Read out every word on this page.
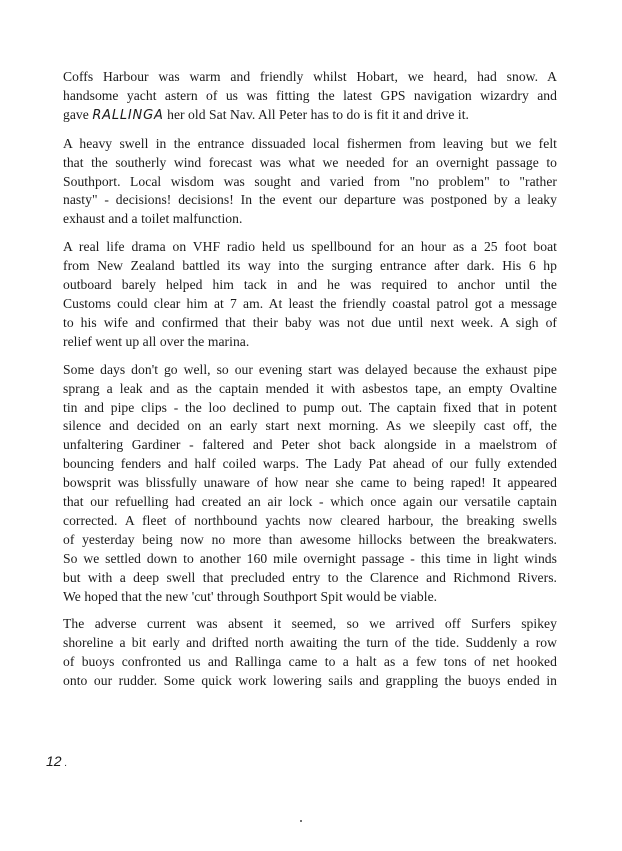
Coffs Harbour was warm and friendly whilst Hobart, we heard, had snow. A
handsome yacht astern of us was fitting the latest GPS navigation wizardry and
gave RALLINGA her old Sat Nav. All Peter has to do is fit it and drive it.

A heavy swell in the entrance dissuaded local fishermen from leaving but we felt
that the southerly wind forecast was what we needed for an overnight passage to
Southport. Local wisdom was sought and varied from "no problem" to "rather
nasty" - decisions! decisions! In the event our departure was postponed by a leaky
exhaust and a toilet malfunction.

A real life drama on VHF radio held us spellbound for an hour as a 25 foot boat
from New Zealand battled its way into the surging entrance after dark. His 6 hp
outboard barely helped him tack in and he was required to anchor until the
Customs could clear him at 7 am. At least the friendly coastal patrol got a message
to his wife and confirmed that their baby was not due until next week. A sigh of
relief went up all over the marina.

Some days don't go well, so our evening start was delayed because the exhaust pipe
sprang a leak and as the captain mended it with asbestos tape, an empty Ovaltine
tin and pipe clips - the loo declined to pump out. The captain fixed that in potent
silence and decided on an early start next morning. As we sleepily cast off, the
unfaltering Gardiner - faltered and Peter shot back alongside in a maelstrom of
bouncing fenders and half coiled warps. The Lady Pat ahead of our fully extended
bowsprit was blissfully unaware of how near she came to being raped! It appeared
that our refuelling had created an air lock - which once again our versatile captain
corrected. A fleet of northbound yachts now cleared harbour, the breaking swells
of yesterday being now no more than awesome hillocks between the breakwaters.
So we settled down to another 160 mile overnight passage - this time in light winds
but with a deep swell that precluded entry to the Clarence and Richmond Rivers.
We hoped that the new 'cut' through Southport Spit would be viable.

The adverse current was absent it seemed, so we arrived off Surfers spikey
shoreline a bit early and drifted north awaiting the turn of the tide. Suddenly a row
of buoys confronted us and Rallinga came to a halt as a few tons of net hooked
onto our rudder. Some quick work lowering sails and grappling the buoys ended in

12 .
